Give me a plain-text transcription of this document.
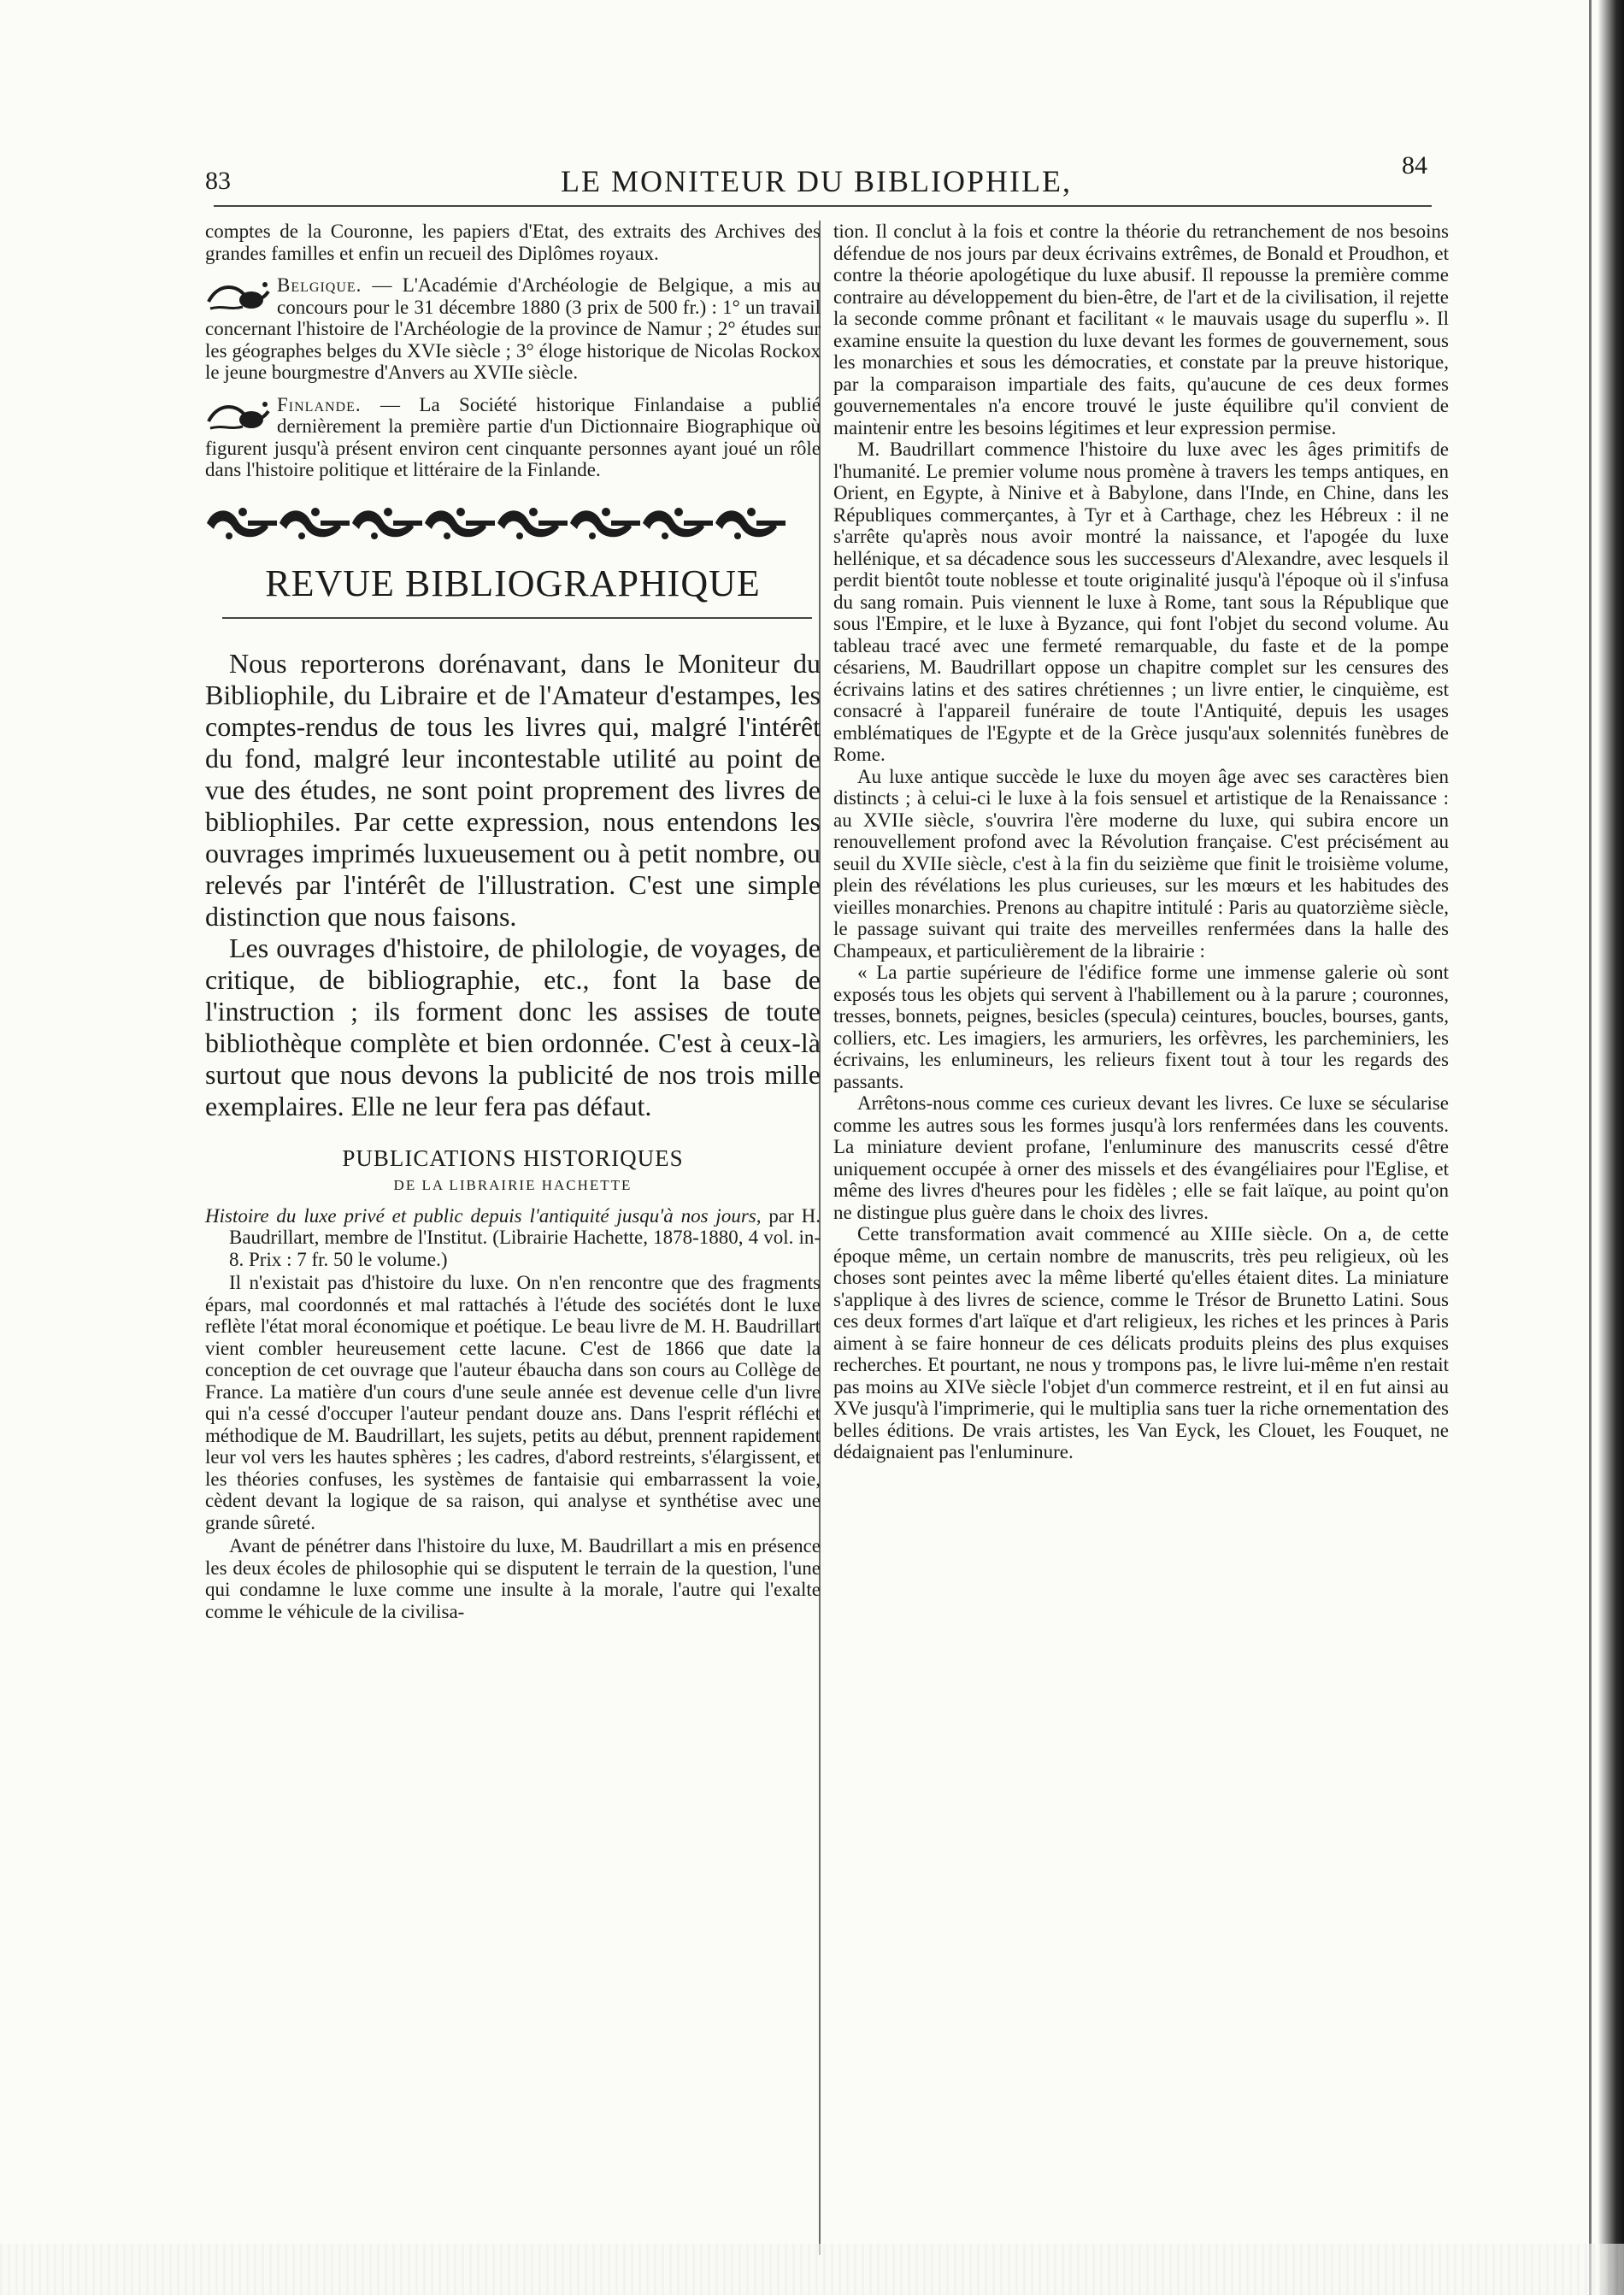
83	LE MONITEUR DU BIBLIOPHILE,	84

comptes de la Couronne, les papiers d'Etat, des extraits des Archives des grandes familles et enfin un recueil des Diplômes royaux.

Belgique. — L'Académie d'Archéologie de Belgique, a mis au concours pour le 31 décembre 1880 (3 prix de 500 fr.) : 1° un travail concernant l'histoire de l'Archéologie de la province de Namur ; 2° études sur les géographes belges du XVIe siècle ; 3° éloge historique de Nicolas Rockox le jeune bourgmestre d'Anvers au XVIIe siècle.

Finlande. — La Société historique Finlandaise a publié dernièrement la première partie d'un Dictionnaire Biographique où figurent jusqu'à présent environ cent cinquante personnes ayant joué un rôle dans l'histoire politique et littéraire de la Finlande.

REVUE BIBLIOGRAPHIQUE

Nous reporterons dorénavant, dans le Moniteur du Bibliophile, du Libraire et de l'Amateur d'estampes, les comptes-rendus de tous les livres qui, malgré l'intérêt du fond, malgré leur incontestable utilité au point de vue des études, ne sont point proprement des livres de bibliophiles. Par cette expression, nous entendons les ouvrages imprimés luxueusement ou à petit nombre, ou relevés par l'intérêt de l'illustration. C'est une simple distinction que nous faisons.

Les ouvrages d'histoire, de philologie, de voyages, de critique, de bibliographie, etc., font la base de l'instruction ; ils forment donc les assises de toute bibliothèque complète et bien ordonnée. C'est à ceux-là surtout que nous devons la publicité de nos trois mille exemplaires. Elle ne leur fera pas défaut.

PUBLICATIONS HISTORIQUES
DE LA LIBRAIRIE HACHETTE

Histoire du luxe privé et public depuis l'antiquité jusqu'à nos jours, par H. Baudrillart, membre de l'Institut. (Librairie Hachette, 1878-1880, 4 vol. in-8. Prix : 7 fr. 50 le volume.)

Il n'existait pas d'histoire du luxe. On n'en rencontre que des fragments épars, mal coordonnés et mal rattachés à l'étude des sociétés dont le luxe reflète l'état moral économique et poétique. Le beau livre de M. H. Baudrillart vient combler heureusement cette lacune. C'est de 1866 que date la conception de cet ouvrage que l'auteur ébaucha dans son cours au Collège de France. La matière d'un cours d'une seule année est devenue celle d'un livre qui n'a cessé d'occuper l'auteur pendant douze ans. Dans l'esprit réfléchi et méthodique de M. Baudrillart, les sujets, petits au début, prennent rapidement leur vol vers les hautes sphères ; les cadres, d'abord restreints, s'élargissent, et les théories confuses, les systèmes de fantaisie qui embarrassent la voie, cèdent devant la logique de sa raison, qui analyse et synthétise avec une grande sûreté.

Avant de pénétrer dans l'histoire du luxe, M. Baudrillart a mis en présence les deux écoles de philosophie qui se disputent le terrain de la question, l'une qui condamne le luxe comme une insulte à la morale, l'autre qui l'exalte comme le véhicule de la civilisa-

tion. Il conclut à la fois et contre la théorie du retranchement de nos besoins défendue de nos jours par deux écrivains extrêmes, de Bonald et Proudhon, et contre la théorie apologétique du luxe abusif. Il repousse la première comme contraire au développement du bien-être, de l'art et de la civilisation, il rejette la seconde comme prônant et facilitant « le mauvais usage du superflu ». Il examine ensuite la question du luxe devant les formes de gouvernement, sous les monarchies et sous les démocraties, et constate par la preuve historique, par la comparaison impartiale des faits, qu'aucune de ces deux formes gouvernementales n'a encore trouvé le juste équilibre qu'il convient de maintenir entre les besoins légitimes et leur expression permise.

M. Baudrillart commence l'histoire du luxe avec les âges primitifs de l'humanité. Le premier volume nous promène à travers les temps antiques, en Orient, en Egypte, à Ninive et à Babylone, dans l'Inde, en Chine, dans les Républiques commerçantes, à Tyr et à Carthage, chez les Hébreux : il ne s'arrête qu'après nous avoir montré la naissance, et l'apogée du luxe hellénique, et sa décadence sous les successeurs d'Alexandre, avec lesquels il perdit bientôt toute noblesse et toute originalité jusqu'à l'époque où il s'infusa du sang romain. Puis viennent le luxe à Rome, tant sous la République que sous l'Empire, et le luxe à Byzance, qui font l'objet du second volume. Au tableau tracé avec une fermeté remarquable, du faste et de la pompe césariens, M. Baudrillart oppose un chapitre complet sur les censures des écrivains latins et des satires chrétiennes ; un livre entier, le cinquième, est consacré à l'appareil funéraire de toute l'Antiquité, depuis les usages emblématiques de l'Egypte et de la Grèce jusqu'aux solennités funèbres de Rome.

Au luxe antique succède le luxe du moyen âge avec ses caractères bien distincts ; à celui-ci le luxe à la fois sensuel et artistique de la Renaissance : au XVIIe siècle, s'ouvrira l'ère moderne du luxe, qui subira encore un renouvellement profond avec la Révolution française. C'est précisément au seuil du XVIIe siècle, c'est à la fin du seizième que finit le troisième volume, plein des révélations les plus curieuses, sur les mœurs et les habitudes des vieilles monarchies. Prenons au chapitre intitulé : Paris au quatorzième siècle, le passage suivant qui traite des merveilles renfermées dans la halle des Champeaux, et particulièrement de la librairie :

« La partie supérieure de l'édifice forme une immense galerie où sont exposés tous les objets qui servent à l'habillement ou à la parure ; couronnes, tresses, bonnets, peignes, besicles (specula) ceintures, boucles, bourses, gants, colliers, etc. Les imagiers, les armuriers, les orfèvres, les parcheminiers, les écrivains, les enlumineurs, les relieurs fixent tout à tour les regards des passants.

Arrêtons-nous comme ces curieux devant les livres. Ce luxe se sécularise comme les autres sous les formes jusqu'à lors renfermées dans les couvents. La miniature devient profane, l'enluminure des manuscrits cessé d'être uniquement occupée à orner des missels et des évangéliaires pour l'Eglise, et même des livres d'heures pour les fidèles ; elle se fait laïque, au point qu'on ne distingue plus guère dans le choix des livres.

Cette transformation avait commencé au XIIIe siècle. On a, de cette époque même, un certain nombre de manuscrits, très peu religieux, où les choses sont peintes avec la même liberté qu'elles étaient dites. La miniature s'applique à des livres de science, comme le Trésor de Brunetto Latini. Sous ces deux formes d'art laïque et d'art religieux, les riches et les princes à Paris aiment à se faire honneur de ces délicats produits pleins des plus exquises recherches. Et pourtant, ne nous y trompons pas, le livre lui-même n'en restait pas moins au XIVe siècle l'objet d'un commerce restreint, et il en fut ainsi au XVe jusqu'à l'imprimerie, qui le multiplia sans tuer la riche ornementation des belles éditions. De vrais artistes, les Van Eyck, les Clouet, les Fouquet, ne dédaignaient pas l'enluminure.
